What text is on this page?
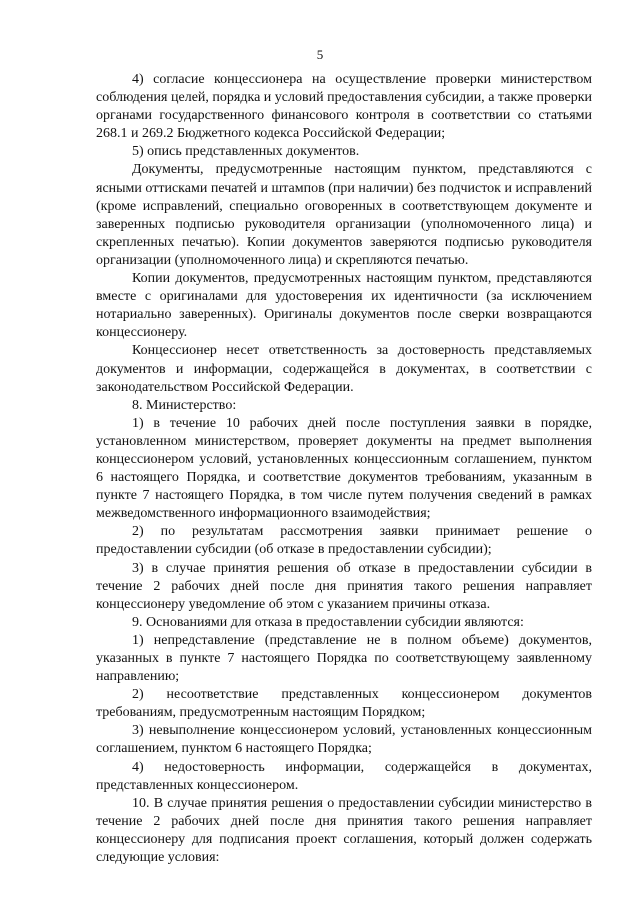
5

4) согласие концессионера на осуществление проверки министерством соблюдения целей, порядка и условий предоставления субсидии, а также проверки органами государственного финансового контроля в соответствии со статьями 268.1 и 269.2 Бюджетного кодекса Российской Федерации;

5) опись представленных документов.

Документы, предусмотренные настоящим пунктом, представляются с ясными оттисками печатей и штампов (при наличии) без подчисток и исправлений (кроме исправлений, специально оговоренных в соответствующем документе и заверенных подписью руководителя организации (уполномоченного лица) и скрепленных печатью). Копии документов заверяются подписью руководителя организации (уполномоченного лица) и скрепляются печатью.

Копии документов, предусмотренных настоящим пунктом, представляются вместе с оригиналами для удостоверения их идентичности (за исключением нотариально заверенных). Оригиналы документов после сверки возвращаются концессионеру.

Концессионер несет ответственность за достоверность представляемых документов и информации, содержащейся в документах, в соответствии с законодательством Российской Федерации.

8. Министерство:

1) в течение 10 рабочих дней после поступления заявки в порядке, установленном министерством, проверяет документы на предмет выполнения концессионером условий, установленных концессионным соглашением, пунктом 6 настоящего Порядка, и соответствие документов требованиям, указанным в пункте 7 настоящего Порядка, в том числе путем получения сведений в рамках межведомственного информационного взаимодействия;

2) по результатам рассмотрения заявки принимает решение о предоставлении субсидии (об отказе в предоставлении субсидии);

3) в случае принятия решения об отказе в предоставлении субсидии в течение 2 рабочих дней после дня принятия такого решения направляет концессионеру уведомление об этом с указанием причины отказа.

9. Основаниями для отказа в предоставлении субсидии являются:

1) непредставление (представление не в полном объеме) документов, указанных в пункте 7 настоящего Порядка по соответствующему заявленному направлению;

2) несоответствие представленных концессионером документов требованиям, предусмотренным настоящим Порядком;

3) невыполнение концессионером условий, установленных концессионным соглашением, пунктом 6 настоящего Порядка;

4) недостоверность информации, содержащейся в документах, представленных концессионером.

10. В случае принятия решения о предоставлении субсидии министерство в течение 2 рабочих дней после дня принятия такого решения направляет концессионеру для подписания проект соглашения, который должен содержать следующие условия:
